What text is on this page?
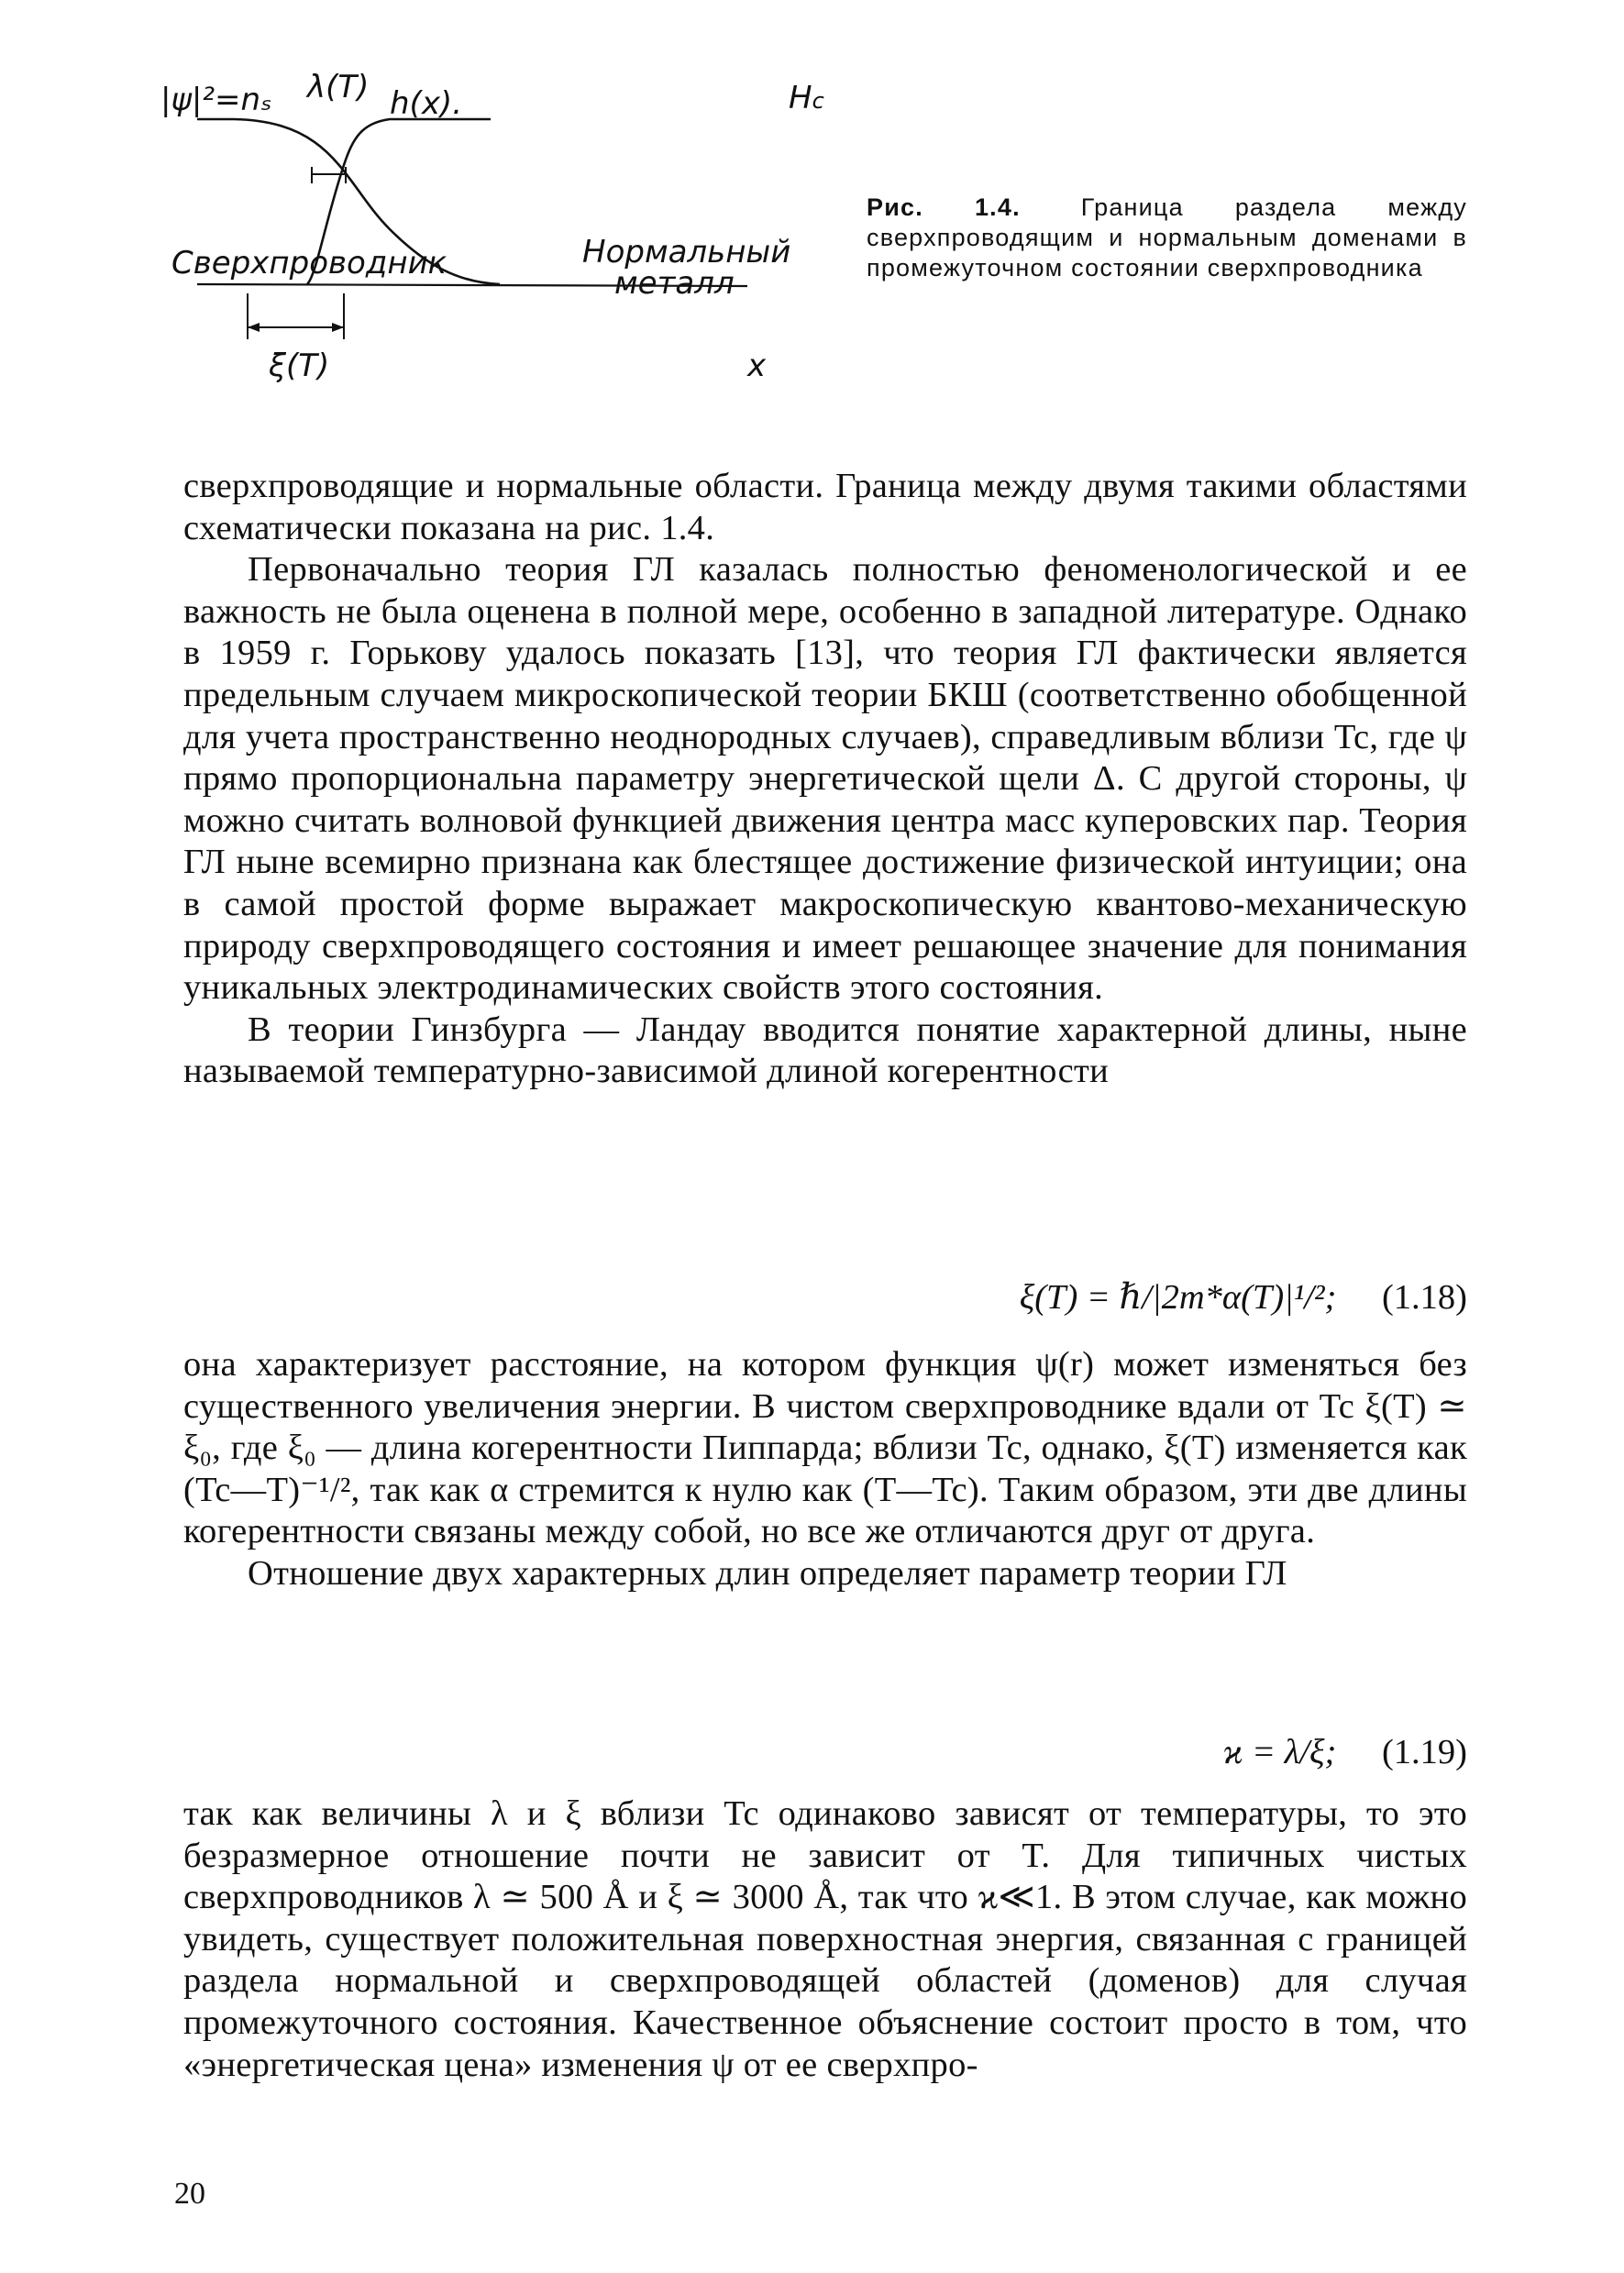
|ψ|²=nₛ λ(T) h(x).	Hc
Сверхпроводник	Нормальный
металл
ξ(T)	x
Рис. 1.4. Граница раздела между сверхпроводящим и нормальным доменами в промежуточном состоянии сверхпроводника

сверхпроводящие и нормальные области. Граница между двумя такими областями схематически показана на рис. 1.4.

Первоначально теория ГЛ казалась полностью феноменологической и ее важность не была оценена в полной мере, особенно в западной литературе. Однако в 1959 г. Горькову удалось показать [13], что теория ГЛ фактически является предельным случаем микроскопической теории БКШ (соответственно обобщенной для учета пространственно неоднородных случаев), справедливым вблизи Tc, где ψ прямо пропорциональна параметру энергетической щели Δ. С другой стороны, ψ можно считать волновой функцией движения центра масс куперовских пар. Теория ГЛ ныне всемирно признана как блестящее достижение физической интуиции; она в самой простой форме выражает макроскопическую квантово-механическую природу сверхпроводящего состояния и имеет решающее значение для понимания уникальных электродинамических свойств этого состояния.

В теории Гинзбурга — Ландау вводится понятие характерной длины, ныне называемой температурно-зависимой длиной когерентности

ξ(T) = ℏ/|2m*α(T)|¹/²; (1.18)

она характеризует расстояние, на котором функция ψ(r) может изменяться без существенного увеличения энергии. В чистом сверхпроводнике вдали от Tc ξ(T) ≃ ξ₀, где ξ₀ — длина когерентности Пиппарда; вблизи Tc, однако, ξ(T) изменяется как (Tc—T)⁻¹/², так как α стремится к нулю как (T—Tc). Таким образом, эти две длины когерентности связаны между собой, но все же отличаются друг от друга.

Отношение двух характерных длин определяет параметр теории ГЛ

ϰ = λ/ξ; (1.19)

так как величины λ и ξ вблизи Tc одинаково зависят от температуры, то это безразмерное отношение почти не зависит от T. Для типичных чистых сверхпроводников λ ≃ 500 Å и ξ ≃ 3000 Å, так что ϰ≪1. В этом случае, как можно увидеть, существует положительная поверхностная энергия, связанная с границей раздела нормальной и сверхпроводящей областей (доменов) для случая промежуточного состояния. Качественное объяснение состоит просто в том, что «энергетическая цена» изменения ψ от ее сверхпро-

20
